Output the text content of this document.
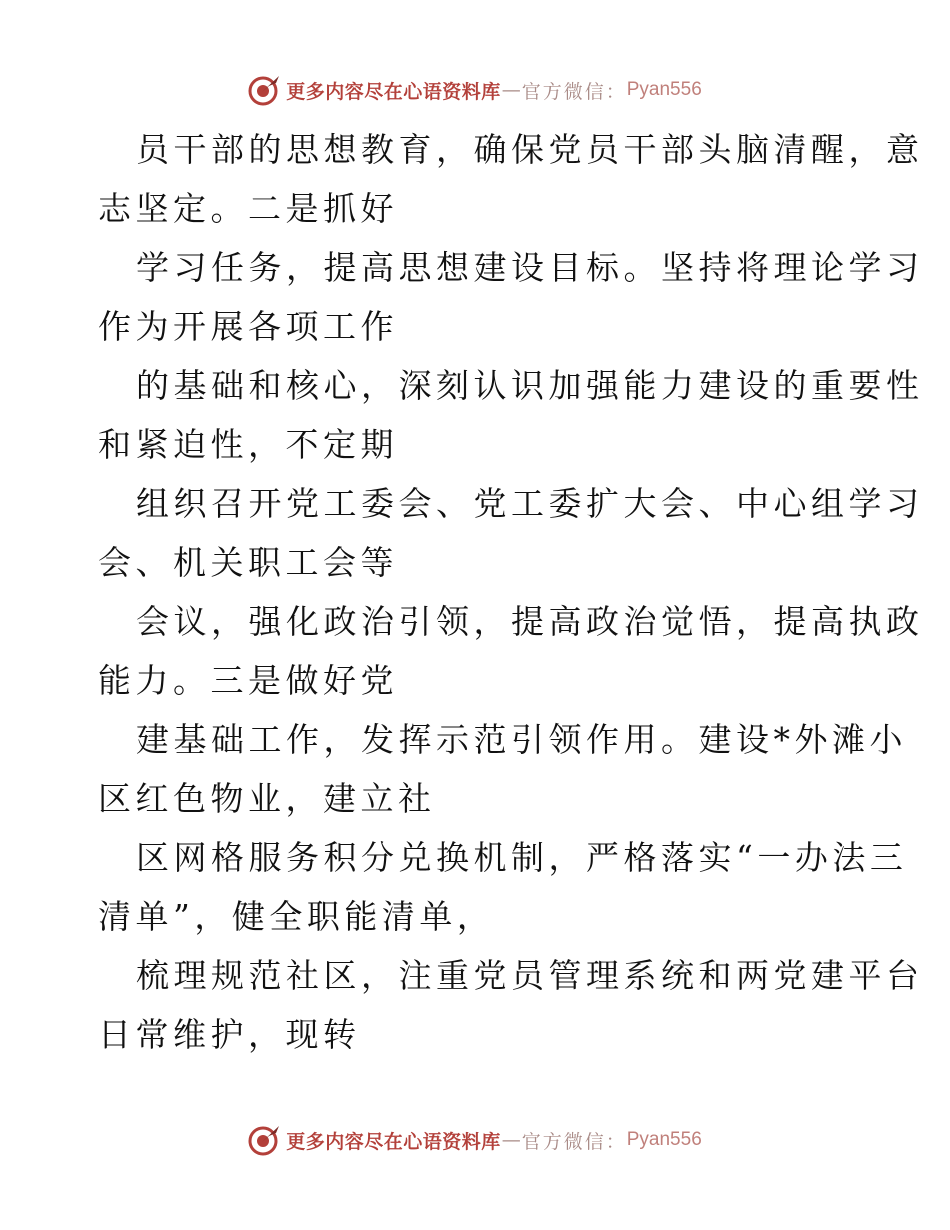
更多内容尽在心语资料库 — 官方微信： Pyan556
员干部的思想教育，确保党员干部头脑清醒，意
志坚定。二是抓好
学习任务，提高思想建设目标。坚持将理论学习
作为开展各项工作
的基础和核心，深刻认识加强能力建设的重要性
和紧迫性，不定期
组织召开党工委会、党工委扩大会、中心组学习
会、机关职工会等
会议，强化政治引领，提高政治觉悟，提高执政
能力。三是做好党
建基础工作，发挥示范引领作用。建设*外滩小
区红色物业，建立社
区网格服务积分兑换机制，严格落实“一办法三
清单”，健全职能清单，
梳理规范社区，注重党员管理系统和两党建平台
日常维护，现转
更多内容尽在心语资料库 — 官方微信： Pyan556
